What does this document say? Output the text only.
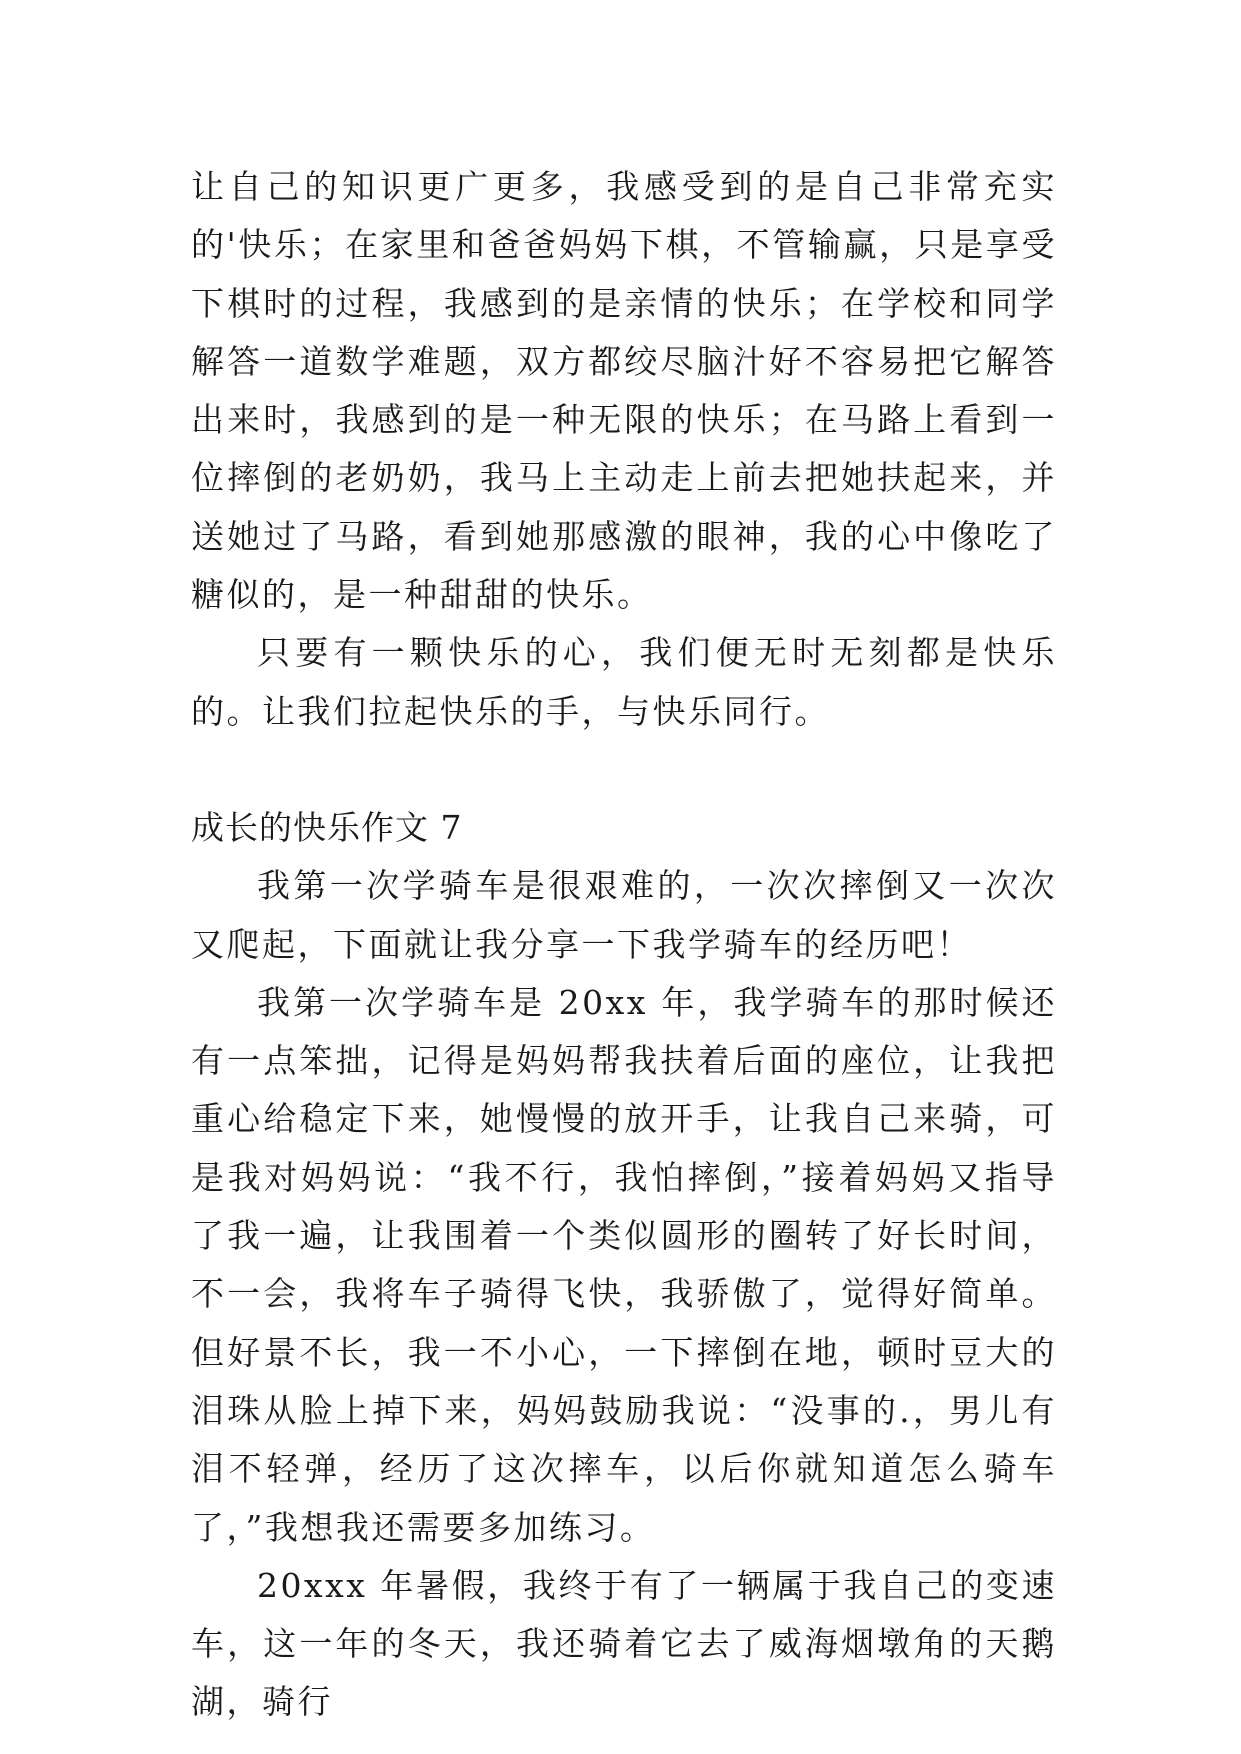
让自己的知识更广更多，我感受到的是自己非常充实的'快乐；在家里和爸爸妈妈下棋，不管输赢，只是享受下棋时的过程，我感到的是亲情的快乐；在学校和同学解答一道数学难题，双方都绞尽脑汁好不容易把它解答出来时，我感到的是一种无限的快乐；在马路上看到一位摔倒的老奶奶，我马上主动走上前去把她扶起来，并送她过了马路，看到她那感激的眼神，我的心中像吃了糖似的，是一种甜甜的快乐。

只要有一颗快乐的心，我们便无时无刻都是快乐的。让我们拉起快乐的手，与快乐同行。

成长的快乐作文 7

我第一次学骑车是很艰难的，一次次摔倒又一次次又爬起，下面就让我分享一下我学骑车的经历吧！

我第一次学骑车是 20xx 年，我学骑车的那时候还有一点笨拙，记得是妈妈帮我扶着后面的座位，让我把重心给稳定下来，她慢慢的放开手，让我自己来骑，可是我对妈妈说：“我不行，我怕摔倒，”接着妈妈又指导了我一遍，让我围着一个类似圆形的圈转了好长时间，不一会，我将车子骑得飞快，我骄傲了，觉得好简单。但好景不长，我一不小心，一下摔倒在地，顿时豆大的泪珠从脸上掉下来，妈妈鼓励我说：“没事的.，男儿有泪不轻弹，经历了这次摔车，以后你就知道怎么骑车了，”我想我还需要多加练习。

20xxx 年暑假，我终于有了一辆属于我自己的变速车，这一年的冬天，我还骑着它去了威海烟墩角的天鹅湖，骑行
